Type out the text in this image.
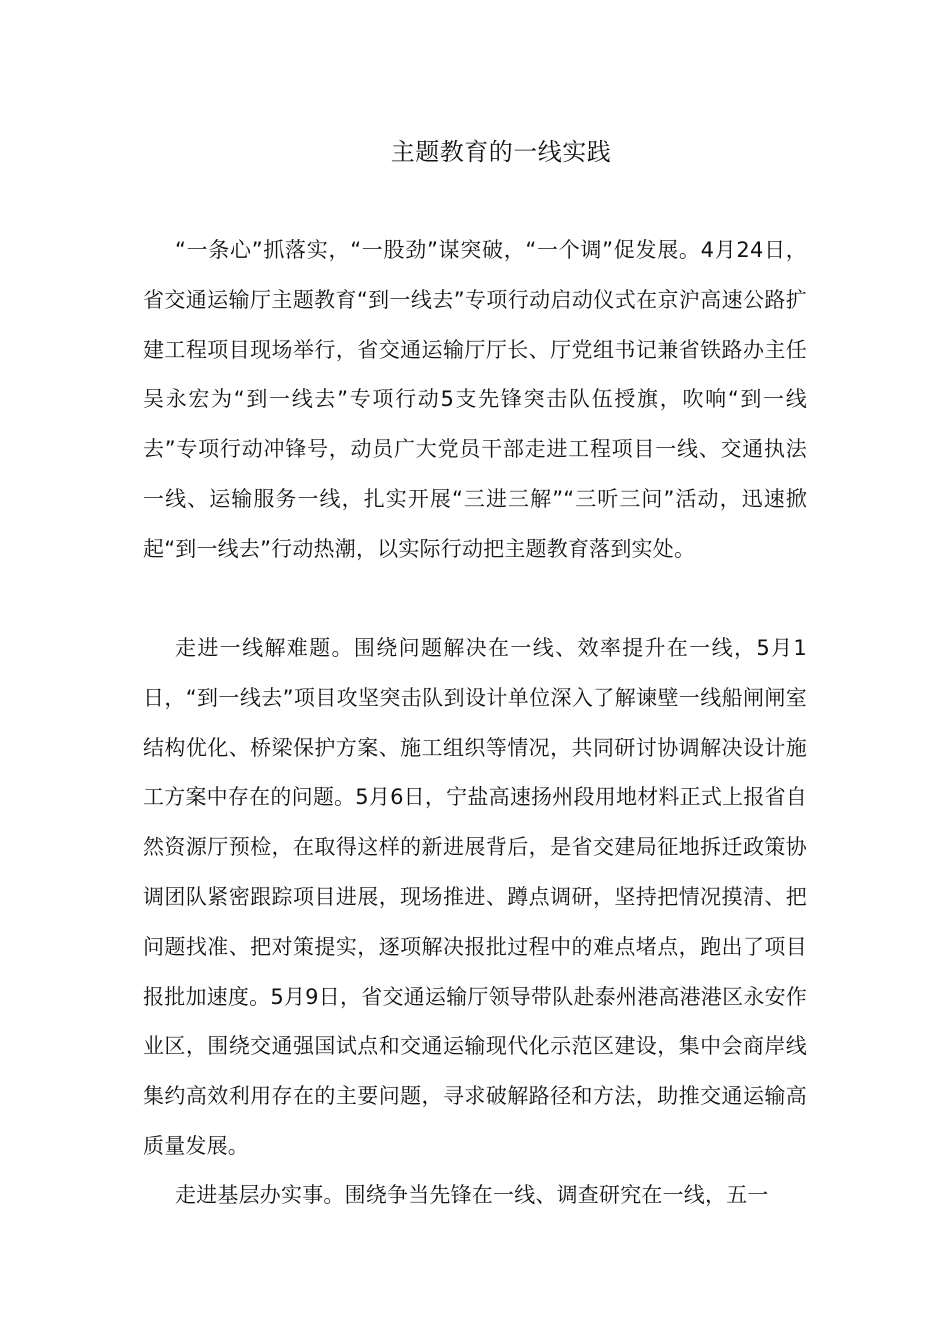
主题教育的一线实践

“一条心”抓落实，“一股劲”谋突破，“一个调”促发展。4月24日，省交通运输厅主题教育“到一线去”专项行动启动仪式在京沪高速公路扩建工程项目现场举行，省交通运输厅厅长、厅党组书记兼省铁路办主任吴永宏为“到一线去”专项行动5支先锋突击队伍授旗，吹响“到一线去”专项行动冲锋号，动员广大党员干部走进工程项目一线、交通执法一线、运输服务一线，扎实开展“三进三解”“三听三问”活动，迅速掀起“到一线去”行动热潮，以实际行动把主题教育落到实处。

走进一线解难题。围绕问题解决在一线、效率提升在一线，5月1日，“到一线去”项目攻坚突击队到设计单位深入了解谏壁一线船闸闸室结构优化、桥梁保护方案、施工组织等情况，共同研讨协调解决设计施工方案中存在的问题。5月6日，宁盐高速扬州段用地材料正式上报省自然资源厅预检，在取得这样的新进展背后，是省交建局征地拆迁政策协调团队紧密跟踪项目进展，现场推进、蹲点调研，坚持把情况摸清、把问题找准、把对策提实，逐项解决报批过程中的难点堵点，跑出了项目报批加速度。5月9日，省交通运输厅领导带队赴泰州港高港港区永安作业区，围绕交通强国试点和交通运输现代化示范区建设，集中会商岸线集约高效利用存在的主要问题，寻求破解路径和方法，助推交通运输高质量发展。

走进基层办实事。围绕争当先锋在一线、调查研究在一线，五一
